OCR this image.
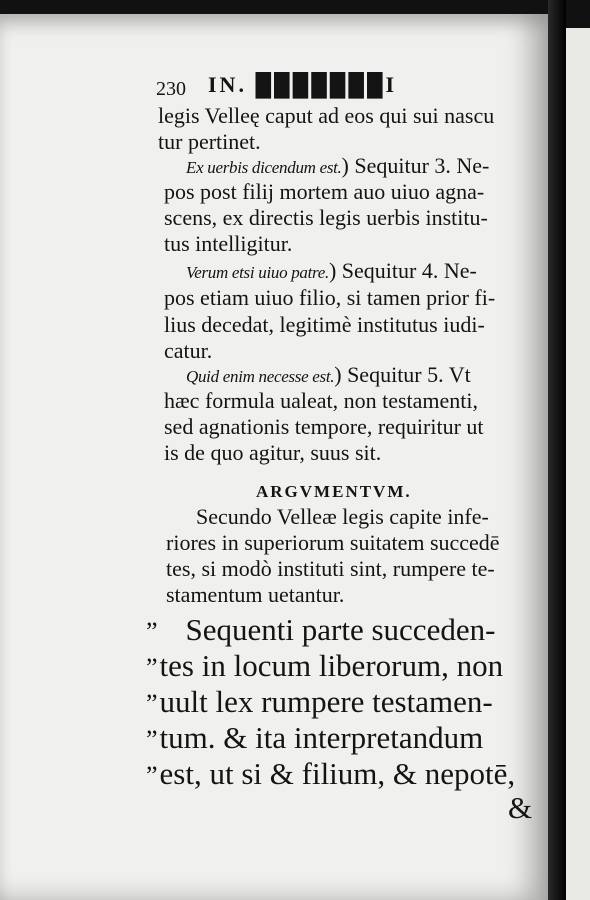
230 IN. ███████I
legis Velleę caput ad eos qui sui nascu
tur pertinet.
Ex uerbis dicendum est.) Sequitur 3. Ne-
pos post filij mortem auo uiuo agna-
scens, ex directis legis uerbis institu-
tus intelligitur.
Verum etsi uiuo patre.) Sequitur 4. Ne-
pos etiam uiuo filio, si tamen prior fi-
lius decedat, legitimè institutus iudi-
catur.
Quid enim necesse est.) Sequitur 5. Vt
hæc formula ualeat, non testamenti,
sed agnationis tempore, requiritur ut
is de quo agitur, suus sit.
ARGVMENTVM.
Secundo Velleæ legis capite infe-
riores in superiorum suitatem succedē
tes, si modò instituti sint, rumpere te-
stamentum uetantur.
” Sequenti parte succeden-
”tes in locum liberorum, non
”uult lex rumpere testamen-
”tum. & ita interpretandum
”est, ut si & filium, & nepotē,
&
